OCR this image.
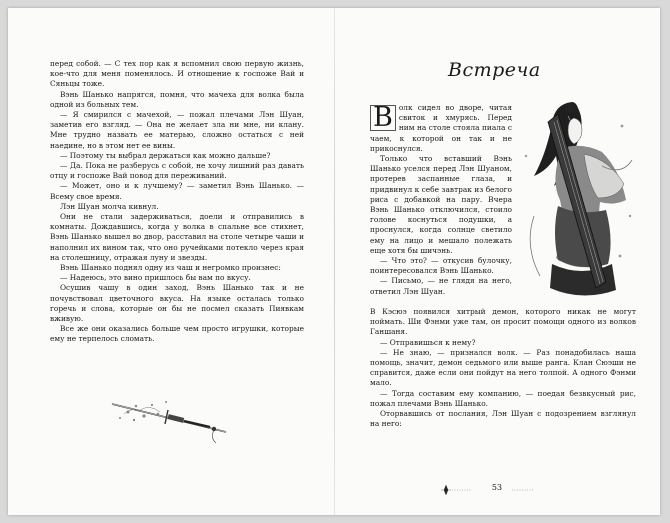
перед собой. — С тех пор как я вспомнил свою первую жизнь, кое-что для меня поменялось. И отношение к госпоже Вай и Сяньцы тоже.

Вэнь Шанько напрягся, помня, что мачеха для волка была одной из больных тем.

— Я смирился с мачехой, — пожал плечами Лэн Шуан, заметив его взгляд. — Она не желает зла ни мне, ни клану. Мне трудно назвать ее матерью, сложно остаться с ней наедине, но в этом нет ее вины.

— Поэтому ты выбрал держаться как можно дальше?

— Да. Пока не разберусь с собой, не хочу лишний раз давать отцу и госпоже Вай повод для переживаний.

— Может, оно и к лучшему? — заметил Вэнь Шанько. — Всему свое время.

Лэн Шуан молча кивнул.

Они не стали задерживаться, доели и отправились в комнаты. Дождавшись, когда у волка в спальне все стихнет, Вэнь Шанько вышел во двор, расставил на столе четыре чаши и наполнил их вином так, что оно ручейками потекло через края на столешницу, отражая луну и звезды.

Вэнь Шанько поднял одну из чаш и негромко произнес:

— Надеюсь, это вино пришлось бы вам по вкусу.

Осушив чашу в один заход, Вэнь Шанько так и не почувствовал цветочного вкуса. На языке осталась только горечь и слова, которые он бы не посмел сказать Пиявкам вживую.

Все же они оказались больше чем просто игрушки, которые ему не терпелось сломать.

Встреча

В олк сидел во дворе, читая свиток и хмурясь. Перед ним на столе стояла пиала с чаем, к которой он так и не прикоснулся.

Только что вставший Вэнь Шанько уселся перед Лэн Шуаном, протерев заспанные глаза, и придвинул к себе завтрак из белого риса с добавкой на пару. Вчера Вэнь Шанько отключился, стоило голове коснуться подушки, а проснулся, когда солнце светило ему на лицо и мешало полежать еще хотя бы шичэнь.

— Что это? — откусив булочку, поинтересовался Вэнь Шанько.

— Письмо, — не глядя на него, ответил Лэн Шуан.

В Кэсюэ появился хитрый демон, которого никак не могут поймать. Ши Фэнми уже там, он просит помощи одного из волков Ганшаня.

— Отправишься к нему?

— Не знаю, — признался волк. — Раз понадобилась наша помощь, значит, демон седьмого или выше ранга. Клан Сюэши не справится, даже если они пойдут на него толпой. А одного Фэнми мало.

— Тогда составим ему компанию, — поедая безвкусный рис, пожал плечами Вэнь Шанько.

Оторвавшись от послания, Лэн Шуан с подозрением взглянул на него:

53
